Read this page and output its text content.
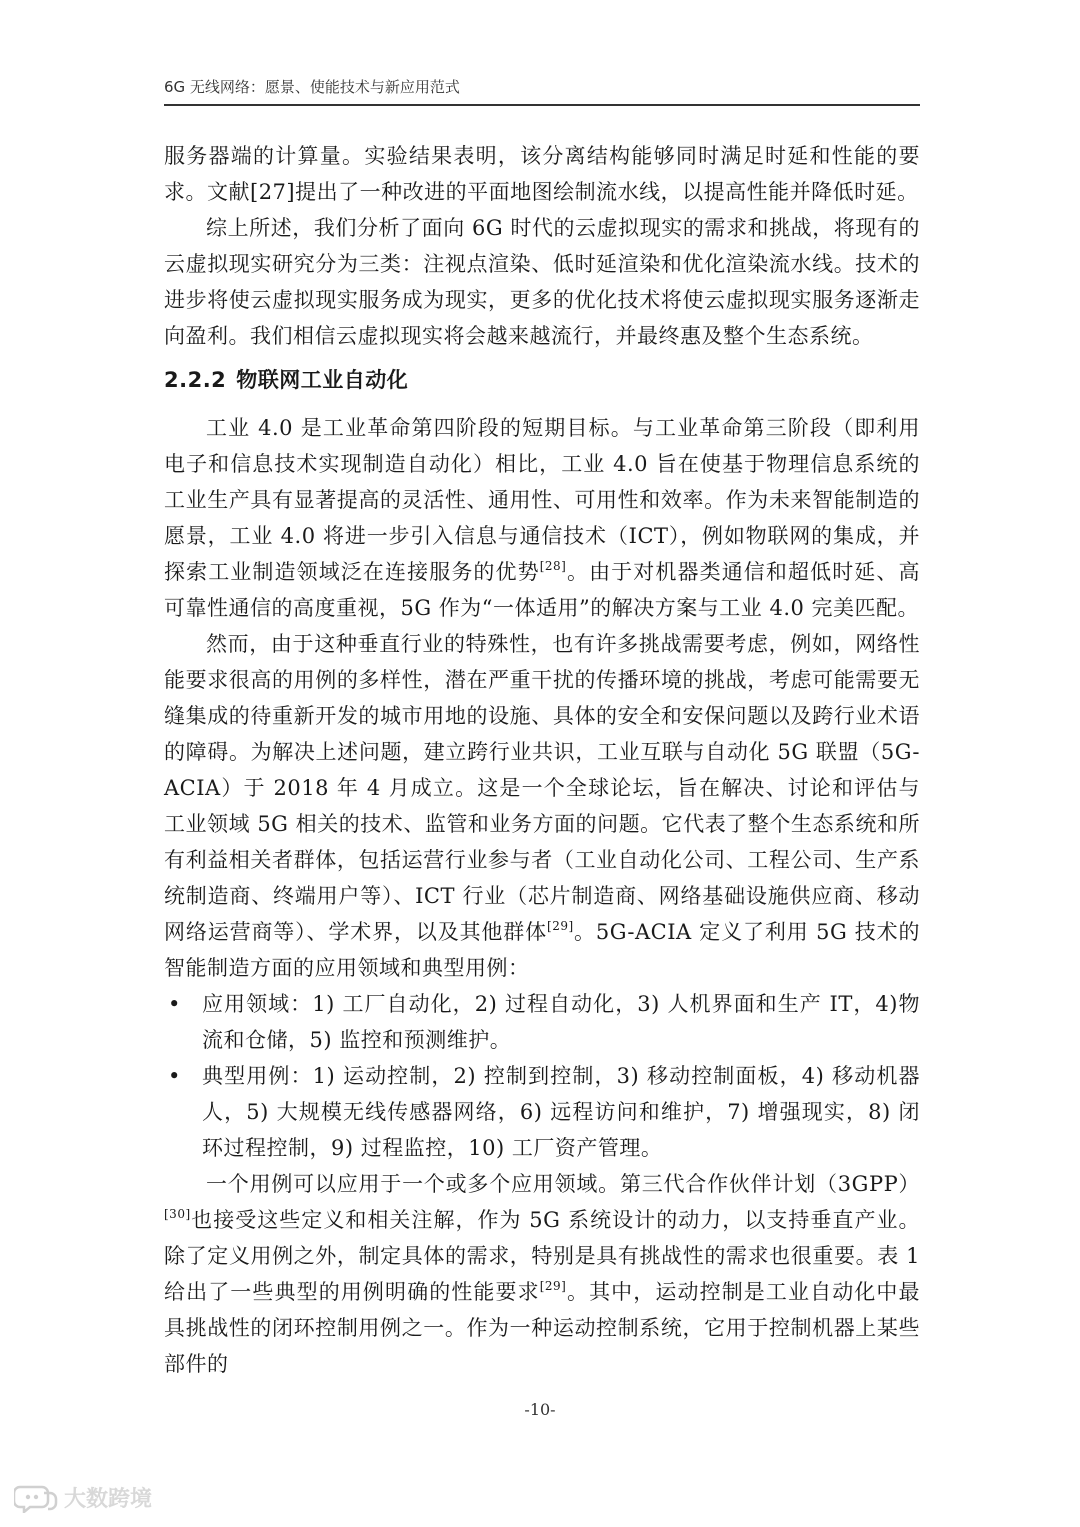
6G 无线网络：愿景、使能技术与新应用范式

服务器端的计算量。实验结果表明，该分离结构能够同时满足时延和性能的要求。文献[27]提出了一种改进的平面地图绘制流水线，以提高性能并降低时延。

综上所述，我们分析了面向 6G 时代的云虚拟现实的需求和挑战，将现有的云虚拟现实研究分为三类：注视点渲染、低时延渲染和优化渲染流水线。技术的进步将使云虚拟现实服务成为现实，更多的优化技术将使云虚拟现实服务逐渐走向盈利。我们相信云虚拟现实将会越来越流行，并最终惠及整个生态系统。

2.2.2 物联网工业自动化

工业 4.0 是工业革命第四阶段的短期目标。与工业革命第三阶段（即利用电子和信息技术实现制造自动化）相比，工业 4.0 旨在使基于物理信息系统的工业生产具有显著提高的灵活性、通用性、可用性和效率。作为未来智能制造的愿景，工业 4.0 将进一步引入信息与通信技术（ICT），例如物联网的集成，并探索工业制造领域泛在连接服务的优势[28]。由于对机器类通信和超低时延、高可靠性通信的高度重视，5G 作为“一体适用”的解决方案与工业 4.0 完美匹配。

然而，由于这种垂直行业的特殊性，也有许多挑战需要考虑，例如，网络性能要求很高的用例的多样性，潜在严重干扰的传播环境的挑战，考虑可能需要无缝集成的待重新开发的城市用地的设施、具体的安全和安保问题以及跨行业术语的障碍。为解决上述问题，建立跨行业共识，工业互联与自动化 5G 联盟（5G-ACIA）于 2018 年 4 月成立。这是一个全球论坛，旨在解决、讨论和评估与工业领域 5G 相关的技术、监管和业务方面的问题。它代表了整个生态系统和所有利益相关者群体，包括运营行业参与者（工业自动化公司、工程公司、生产系统制造商、终端用户等）、ICT 行业（芯片制造商、网络基础设施供应商、移动网络运营商等）、学术界，以及其他群体[29]。5G-ACIA 定义了利用 5G 技术的智能制造方面的应用领域和典型用例：

• 应用领域：1) 工厂自动化，2) 过程自动化，3) 人机界面和生产 IT，4)物流和仓储，5) 监控和预测维护。
• 典型用例：1) 运动控制，2) 控制到控制，3) 移动控制面板，4) 移动机器人，5) 大规模无线传感器网络，6) 远程访问和维护，7) 增强现实，8) 闭环过程控制，9) 过程监控，10) 工厂资产管理。

一个用例可以应用于一个或多个应用领域。第三代合作伙伴计划（3GPP）[30]也接受这些定义和相关注解，作为 5G 系统设计的动力，以支持垂直产业。除了定义用例之外，制定具体的需求，特别是具有挑战性的需求也很重要。表 1 给出了一些典型的用例明确的性能要求[29]。其中，运动控制是工业自动化中最具挑战性的闭环控制用例之一。作为一种运动控制系统，它用于控制机器上某些部件的

-10-
大数跨境
